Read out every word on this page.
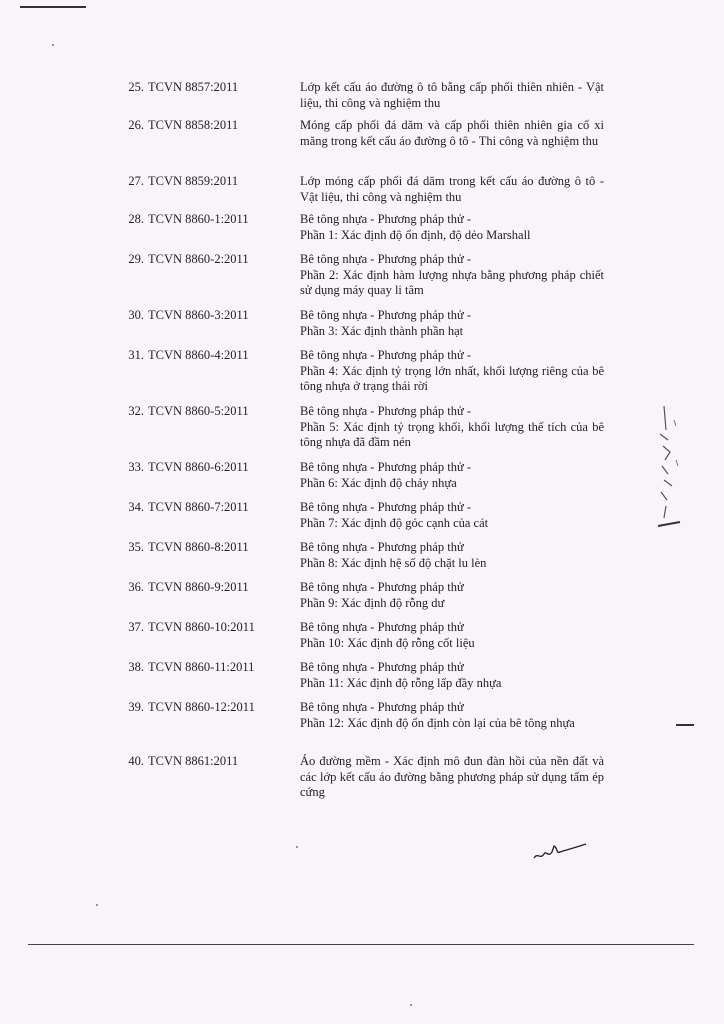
25. TCVN 8857:2011	Lớp kết cấu áo đường ô tô bằng cấp phối thiên nhiên - Vật liệu, thi công và nghiệm thu
26. TCVN 8858:2011	Móng cấp phối đá dăm và cấp phối thiên nhiên gia cố xi măng trong kết cấu áo đường ô tô - Thi công và nghiệm thu
27. TCVN 8859:2011	Lớp móng cấp phối đá dăm trong kết cấu áo đường ô tô - Vật liệu, thi công và nghiệm thu
28. TCVN 8860-1:2011	Bê tông nhựa - Phương pháp thử -
Phần 1: Xác định độ ổn định, độ dẻo Marshall
29. TCVN 8860-2:2011	Bê tông nhựa - Phương pháp thử -
Phần 2: Xác định hàm lượng nhựa bằng phương pháp chiết sử dụng máy quay li tâm
30. TCVN 8860-3:2011	Bê tông nhựa - Phương pháp thử -
Phần 3: Xác định thành phần hạt
31. TCVN 8860-4:2011	Bê tông nhựa - Phương pháp thử -
Phần 4: Xác định tỷ trọng lớn nhất, khối lượng riêng của bê tông nhựa ở trạng thái rời
32. TCVN 8860-5:2011	Bê tông nhựa - Phương pháp thử -
Phần 5: Xác định tỷ trọng khối, khối lượng thể tích của bê tông nhựa đã đầm nén
33. TCVN 8860-6:2011	Bê tông nhựa - Phương pháp thử -
Phần 6: Xác định độ chảy nhựa
34. TCVN 8860-7:2011	Bê tông nhựa - Phương pháp thử -
Phần 7: Xác định độ góc cạnh của cát
35. TCVN 8860-8:2011	Bê tông nhựa - Phương pháp thử
Phần 8: Xác định hệ số độ chặt lu lèn
36. TCVN 8860-9:2011	Bê tông nhựa - Phương pháp thử
Phần 9: Xác định độ rỗng dư
37. TCVN 8860-10:2011	Bê tông nhựa - Phương pháp thử
Phần 10: Xác định độ rỗng cốt liệu
38. TCVN 8860-11:2011	Bê tông nhựa - Phương pháp thử
Phần 11: Xác định độ rỗng lấp đầy nhựa
39. TCVN 8860-12:2011	Bê tông nhựa - Phương pháp thử
Phần 12: Xác định độ ổn định còn lại của bê tông nhựa
40. TCVN 8861:2011	Áo đường mềm - Xác định mô đun đàn hồi của nền đất và các lớp kết cấu áo đường bằng phương pháp sử dụng tấm ép cứng
